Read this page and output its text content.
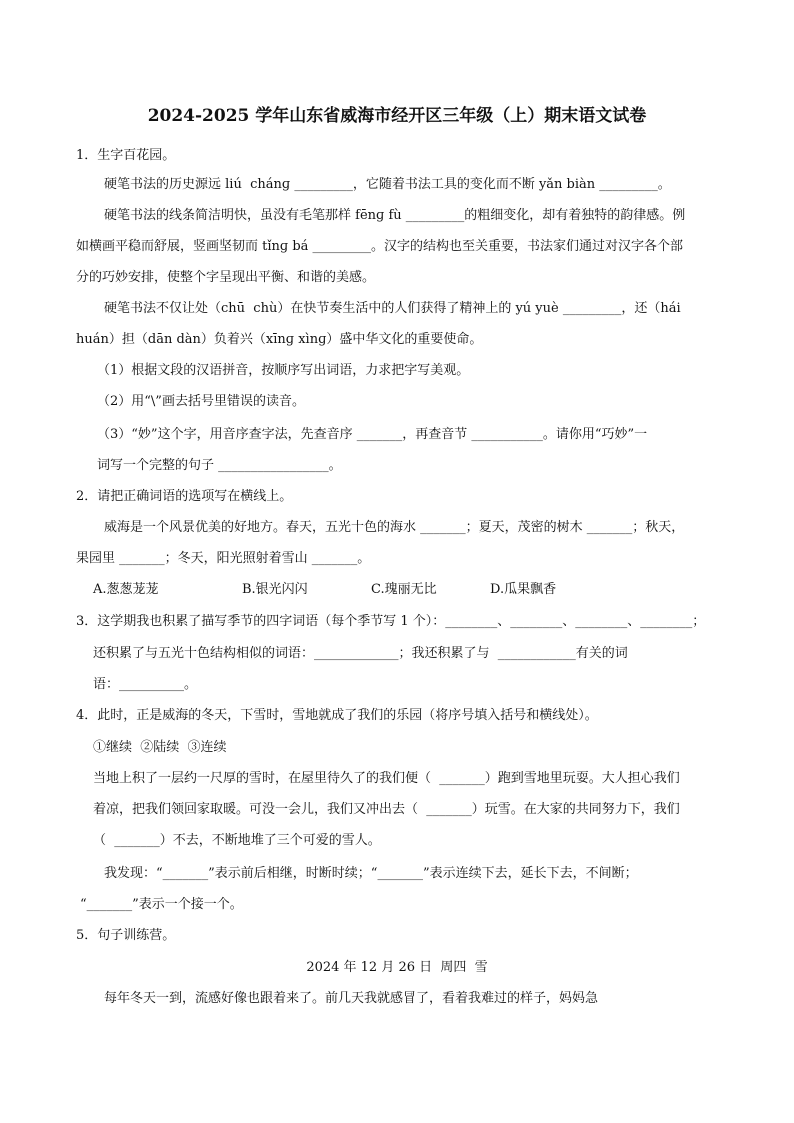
2024-2025 学年山东省威海市经开区三年级（上）期末语文试卷
1．生字百花园。
硬笔书法的历史源远 liú  chánɡ _________，它随着书法工具的变化而不断 yǎn biàn _________。
硬笔书法的线条简洁明快，虽没有毛笔那样 fēnɡ fù _________的粗细变化，却有着独特的韵律感。例
如横画平稳而舒展，竖画坚韧而 tǐnɡ bá _________。汉字的结构也至关重要，书法家们通过对汉字各个部
分的巧妙安排，使整个字呈现出平衡、和谐的美感。
硬笔书法不仅让处（chū  chù）在快节奏生活中的人们获得了精神上的 yú yuè _________，还（hái
huán）担（dān dàn）负着兴（xīnɡ xìnɡ）盛中华文化的重要使命。
（1）根据文段的汉语拼音，按顺序写出词语，力求把字写美观。
（2）用“\”画去括号里错误的读音。
（3）“妙”这个字，用音序查字法，先查音序 _______，再查音节 ___________。请你用“巧妙”一
词写一个完整的句子 _________________。
2．请把正确词语的选项写在横线上。
威海是一个风景优美的好地方。春天，五光十色的海水 _______；夏天，茂密的树木 _______；秋天，
果园里 _______；冬天，阳光照射着雪山 _______。
A.葱葱茏茏	B.银光闪闪	C.瑰丽无比	D.瓜果飘香
3．这学期我也积累了描写季节的四字词语（每个季节写 1 个）：________、________、________、________；
还积累了与五光十色结构相似的词语：_____________；我还积累了与  ____________有关的词
语：__________。
4．此时，正是威海的冬天，下雪时，雪地就成了我们的乐园（将序号填入括号和横线处）。
①继续  ②陆续  ③连续
当地上积了一层约一尺厚的雪时，在屋里待久了的我们便（  _______）跑到雪地里玩耍。大人担心我们
着凉，把我们领回家取暖。可没一会儿，我们又冲出去（  _______）玩雪。在大家的共同努力下，我们
（  _______）不去，不断地堆了三个可爱的雪人。
我发现：“_______”表示前后相继，时断时续；“_______”表示连续下去，延长下去，不间断；
“_______”表示一个接一个。
5．句子训练营。
2024 年 12 月 26 日  周四  雪
每年冬天一到，流感好像也跟着来了。前几天我就感冒了，看着我难过的样子，妈妈急
